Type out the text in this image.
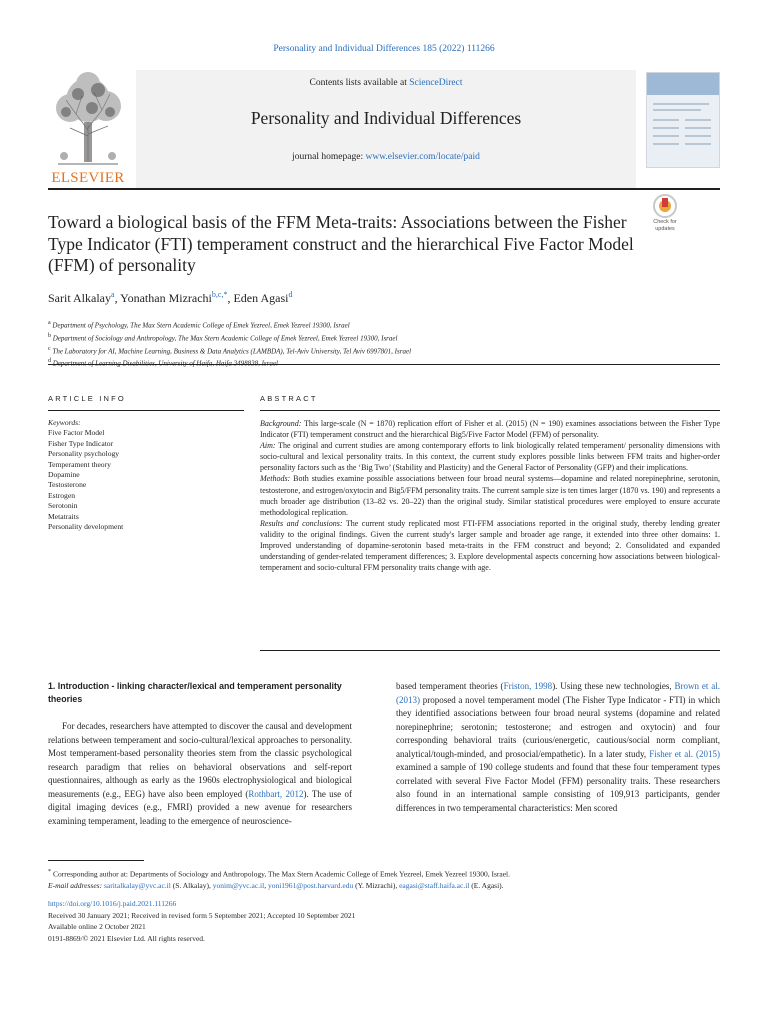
Personality and Individual Differences 185 (2022) 111266
ELSEVIER
Contents lists available at ScienceDirect
Personality and Individual Differences
journal homepage: www.elsevier.com/locate/paid
Check for
updates
Toward a biological basis of the FFM Meta-traits: Associations between the Fisher Type Indicator (FTI) temperament construct and the hierarchical Five Factor Model (FFM) of personality
Sarit Alkalay$^a$, Yonathan Mizrachi$^{b,c,*}$, Eden Agasi$^d$
$^a$ Department of Psychology, The Max Stern Academic College of Emek Yezreel, Emek Yezreel 19300, Israel
$^b$ Department of Sociology and Anthropology, The Max Stern Academic College of Emek Yezreel, Emek Yezreel 19300, Israel
$^c$ The Laboratory for AI, Machine Learning, Business & Data Analytics (LAMBDA), Tel-Aviv University, Tel Aviv 6997801, Israel
$^d$ Department of Learning Disabilities, University of Haifa, Haifa 3498838, Israel
ARTICLE INFO	ABSTRACT
Keywords:
Five Factor Model
Fisher Type Indicator
Personality psychology
Temperament theory
Dopamine
Testosterone
Estrogen
Serotonin
Metatraits
Personality development

Background: This large-scale (N = 1870) replication effort of Fisher et al. (2015) (N = 190) examines associations between the Fisher Type Indicator (FTI) temperament construct and the hierarchical Big5/Five Factor Model (FFM) of personality.

Aim: The original and current studies are among contemporary efforts to link biologically related temperament/ personality dimensions with socio-cultural and lexical personality traits. In this context, the current study explores possible links between FFM traits and higher-order personality factors such as the ‘Big Two’ (Stability and Plasticity) and the General Factor of Personality (GFP) and their implications.

Methods: Both studies examine possible associations between four broad neural systems—dopamine and related norepinephrine, serotonin, testosterone, and estrogen/oxytocin and Big5/FFM personality traits. The current sample size is ten times larger (1870 vs. 190) and represents a much broader age distribution (13–82 vs. 20–22) than the original study. Similar statistical procedures were employed to ensure accurate methodological replication.

Results and conclusions: The current study replicated most FTI-FFM associations reported in the original study, thereby lending greater validity to the original findings. Given the current study's larger sample and broader age range, it extended into three other domains: 1. Improved understanding of dopamine-serotonin based meta-traits in the FFM construct and beyond; 2. Consolidated and expanded understanding of gender-related temperament differences; 3. Explore developmental aspects concerning how associations between biological-temperament and socio-cultural FFM personality traits change with age.

1. Introduction - linking character/lexical and temperament personality theories

For decades, researchers have attempted to discover the causal and development relations between temperament and socio-cultural/lexical approaches to personality. Most temperament-based personality theories stem from the classic psychological research paradigm that relies on behavioral observations and self-report questionnaires, although as early as the 1960s electrophysiological and biological measurements (e.g., EEG) have also been employed (Rothbart, 2012). The use of digital imaging devices (e.g., FMRI) provided a new avenue for researchers examining temperament, leading to the emergence of neuroscience-

based temperament theories (Friston, 1998). Using these new technologies, Brown et al. (2013) proposed a novel temperament model (The Fisher Type Indicator - FTI) in which they identified associations between four broad neural systems (dopamine and related norepinephrine; serotonin; testosterone; and estrogen and oxytocin) and four corresponding behavioral traits (curious/energetic, cautious/social norm compliant, analytical/tough-minded, and prosocial/empathetic). In a later study, Fisher et al. (2015) examined a sample of 190 college students and found that these four temperament types correlated with several Five Factor Model (FFM) personality traits. These researchers also found in an international sample consisting of 109,913 participants, gender differences in two temperamental characteristics: Men scored

* Corresponding author at: Departments of Sociology and Anthropology, The Max Stern Academic College of Emek Yezreel, Emek Yezreel 19300, Israel.
E-mail addresses: saritalkalay@yvc.ac.il (S. Alkalay), yonim@yvc.ac.il, yoni1961@post.harvard.edu (Y. Mizrachi), eagasi@staff.haifa.ac.il (E. Agasi).
https://doi.org/10.1016/j.paid.2021.111266
Received 30 January 2021; Received in revised form 5 September 2021; Accepted 10 September 2021
Available online 2 October 2021
0191-8869/© 2021 Elsevier Ltd. All rights reserved.
